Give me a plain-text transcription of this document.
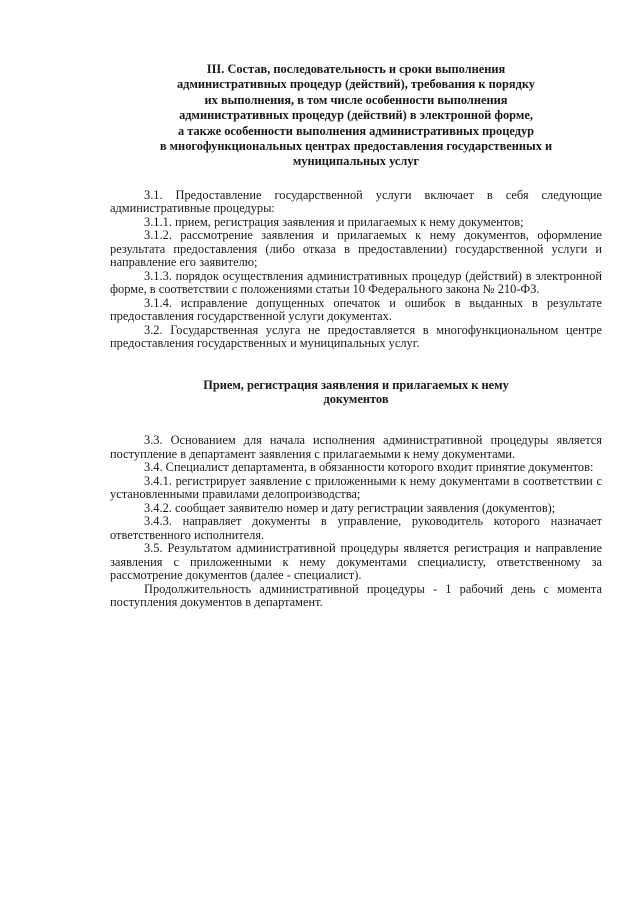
III. Состав, последовательность и сроки выполнения
административных процедур (действий), требования к порядку
их выполнения, в том числе особенности выполнения
административных процедур (действий) в электронной форме,
а также особенности выполнения административных процедур
в многофункциональных центрах предоставления государственных и
муниципальных услуг

3.1. Предоставление государственной услуги включает в себя следующие административные процедуры:

3.1.1. прием, регистрация заявления и прилагаемых к нему документов;

3.1.2. рассмотрение заявления и прилагаемых к нему документов, оформление результата предоставления (либо отказа в предоставлении) государственной услуги и направление его заявителю;

3.1.3. порядок осуществления административных процедур (действий) в электронной форме, в соответствии с положениями статьи 10 Федерального закона № 210-ФЗ.

3.1.4. исправление допущенных опечаток и ошибок в выданных в результате предоставления государственной услуги документах.

3.2. Государственная услуга не предоставляется в многофункциональном центре предоставления государственных и муниципальных услуг.

Прием, регистрация заявления и прилагаемых к нему
документов

3.3. Основанием для начала исполнения административной процедуры является поступление в департамент заявления с прилагаемыми к нему документами.

3.4. Специалист департамента, в обязанности которого входит принятие документов:

3.4.1. регистрирует заявление с приложенными к нему документами в соответствии с установленными правилами делопроизводства;

3.4.2. сообщает заявителю номер и дату регистрации заявления (документов);

3.4.3. направляет документы в управление, руководитель которого назначает ответственного исполнителя.

3.5. Результатом административной процедуры является регистрация и направление заявления с приложенными к нему документами специалисту, ответственному за рассмотрение документов (далее - специалист).

Продолжительность административной процедуры - 1 рабочий день с момента поступления документов в департамент.
